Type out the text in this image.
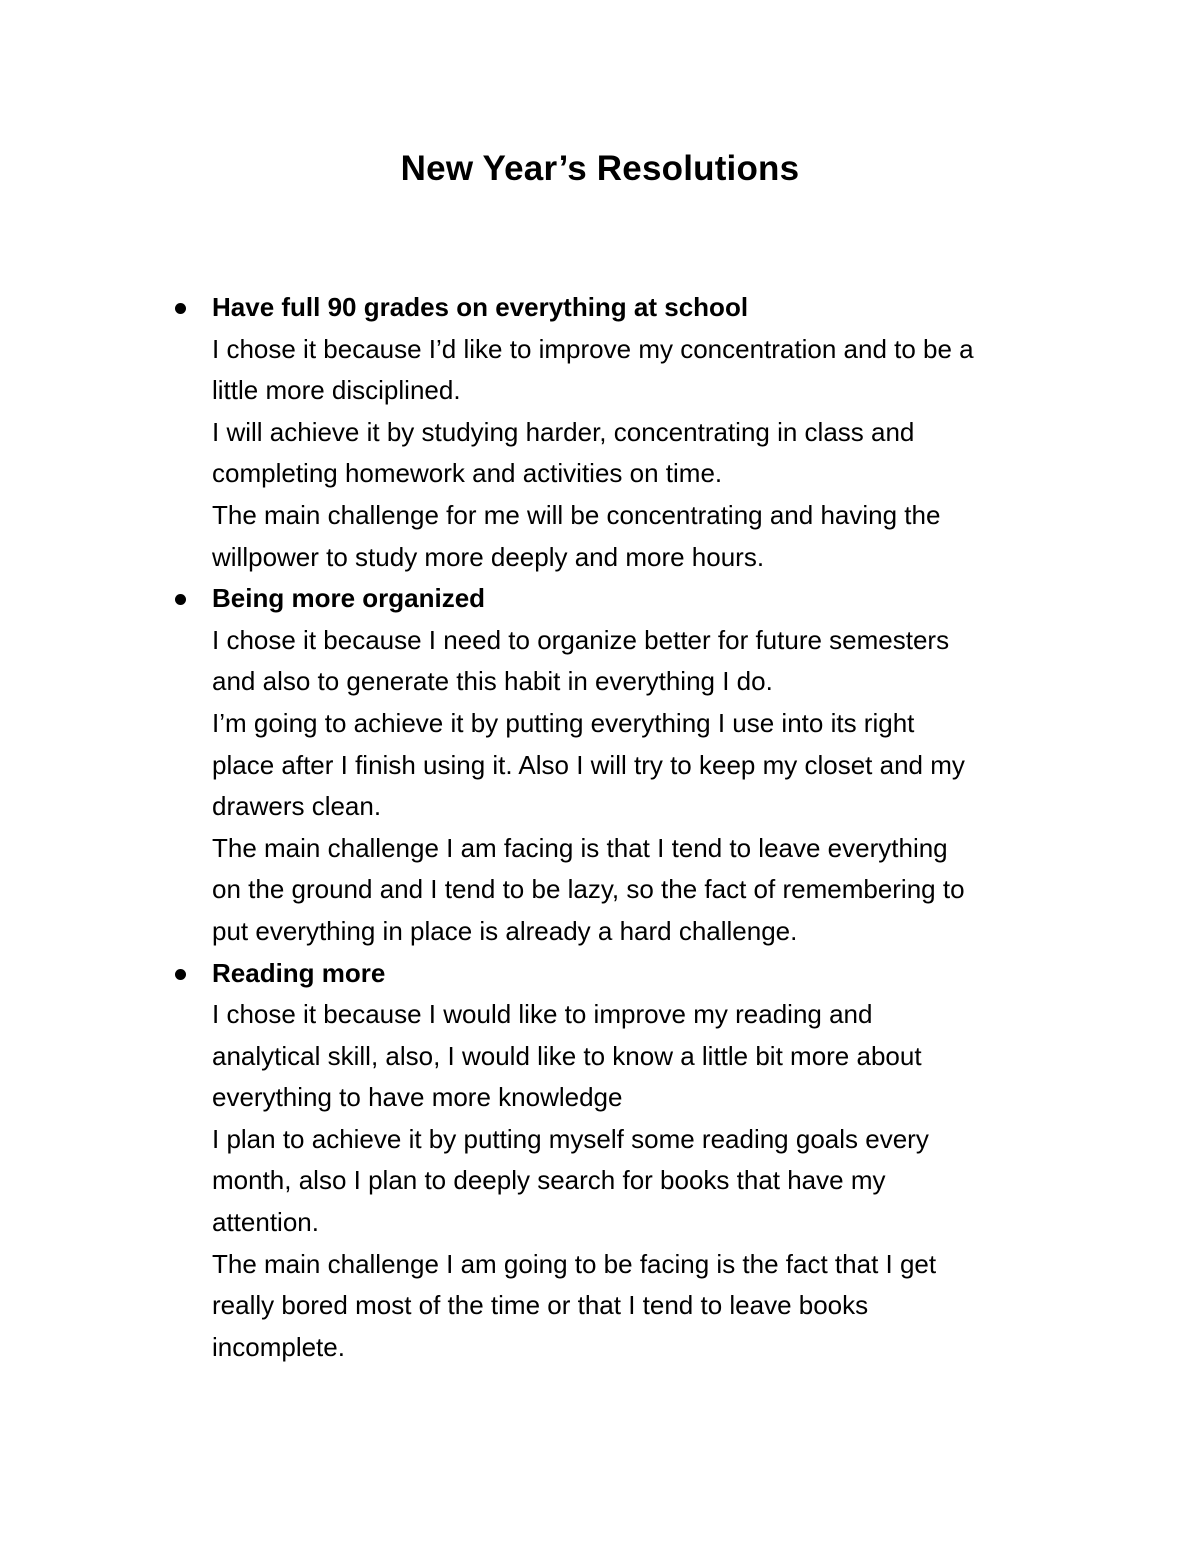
New Year’s Resolutions

Have full 90 grades on everything at school

I chose it because I’d like to improve my concentration and to be a
little more disciplined.

I will achieve it by studying harder, concentrating in class and
completing homework and activities on time.

The main challenge for me will be concentrating and having the
willpower to study more deeply and more hours.

Being more organized

I chose it because I need to organize better for future semesters
and also to generate this habit in everything I do.

I’m going to achieve it by putting everything I use into its right
place after I finish using it. Also I will try to keep my closet and my
drawers clean.

The main challenge I am facing is that I tend to leave everything
on the ground and I tend to be lazy, so the fact of remembering to
put everything in place is already a hard challenge.

Reading more

I chose it because I would like to improve my reading and
analytical skill, also, I would like to know a little bit more about
everything to have more knowledge

I plan to achieve it by putting myself some reading goals every
month, also I plan to deeply search for books that have my
attention.

The main challenge I am going to be facing is the fact that I get
really bored most of the time or that I tend to leave books
incomplete.
